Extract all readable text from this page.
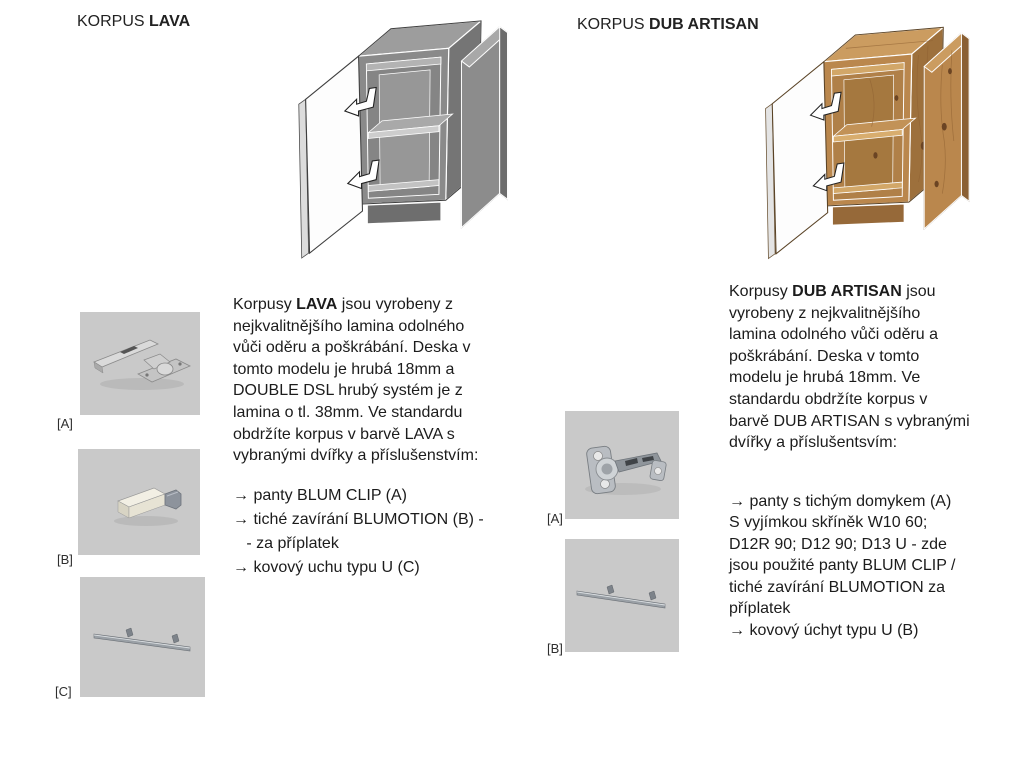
KORPUS LAVA
Korpusy LAVA jsou vyrobeny z
nejkvalitnějšího lamina odolného
vůči oděru a poškrábání. Deska v
tomto modelu je hrubá 18mm a
DOUBLE DSL hrubý systém je z
lamina o tl. 38mm. Ve standardu
obdržíte korpus v barvě LAVA s
vybranými dvířky a příslušenstvím:
→ panty BLUM CLIP (A)
→ tiché zavírání BLUMOTION (B) -
- za příplatek
→ kovový uchu typu U (C)
[A]
[B]
[C]
KORPUS DUB ARTISAN
Korpusy DUB ARTISAN jsou
vyrobeny z nejkvalitnějšího
lamina odolného vůči oděru a
poškrábání. Deska v tomto
modelu je hrubá 18mm. Ve
standardu obdržíte korpus v
barvě DUB ARTISAN s vybranými
dvířky a příslušentsvím:
→ panty s tichým domykem (A)
S vyjímkou skříněk W10 60;
D12R 90; D12 90; D13 U - zde
jsou použité panty BLUM CLIP /
tiché zavírání BLUMOTION za
příplatek
→ kovový úchyt typu U (B)
[A]
[B]
